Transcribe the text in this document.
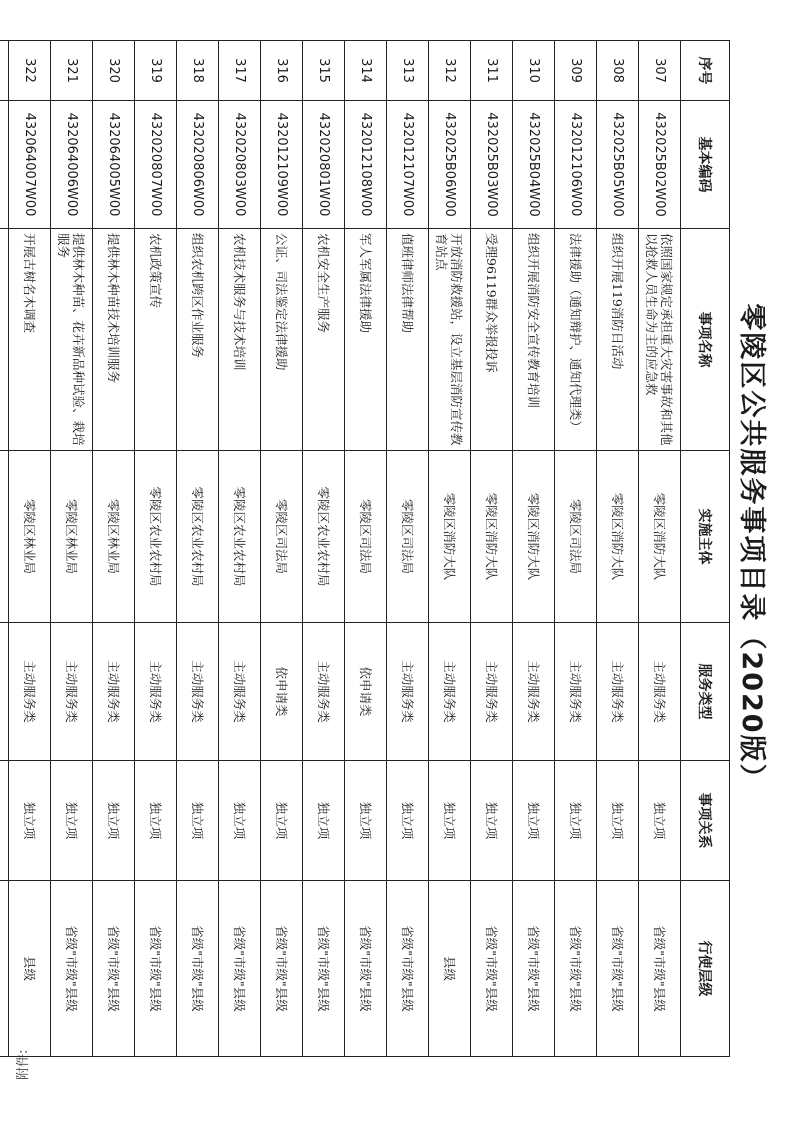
附件:
零陵区公共服务事项目录（2020版）
序号	基本编码	事项名称	实施主体	服务类型	事项关系	行使层级
307	432025B02W00	依照国家规定承担重大灾害事故和其他以抢救人员生命为主的应急救	零陵区消防大队	主动服务类	独立项	省级"市级"县级
308	432025B05W00	组织开展119消防日活动	零陵区消防大队	主动服务类	独立项	省级"市级"县级
309	432012106W00	法律援助（通知辩护、通知代理类）	零陵区司法局	主动服务类	独立项	省级"市级"县级
310	432025B04W00	组织开展消防安全宣传教育培训	零陵区消防大队	主动服务类	独立项	省级"市级"县级
311	432025B03W00	受理96119群众举报投诉	零陵区消防大队	主动服务类	独立项	省级"市级"县级
312	432025B06W00	开放消防救援站，设立基层消防宣传教育站点	零陵区消防大队	主动服务类	独立项	县级
313	432012107W00	值班律师法律帮助	零陵区司法局	主动服务类	独立项	省级"市级"县级
314	432012108W00	军人军属法律援助	零陵区司法局	依申请类	独立项	省级"市级"县级
315	432020801W00	农机安全生产服务	零陵区农业农村局	主动服务类	独立项	省级"市级"县级
316	432012109W00	公证、司法鉴定法律援助	零陵区司法局	依申请类	独立项	省级"市级"县级
317	432020803W00	农机技术服务与技术培训	零陵区农业农村局	主动服务类	独立项	省级"市级"县级
318	432020806W00	组织农机跨区作业服务	零陵区农业农村局	主动服务类	独立项	省级"市级"县级
319	432020807W00	农机政策宣传	零陵区农业农村局	主动服务类	独立项	省级"市级"县级
320	432064005W00	提供林木种苗技术培训服务	零陵区林业局	主动服务类	独立项	省级"市级"县级
321	432064006W00	提供林木种苗、花卉新品种试验、栽培服务	零陵区林业局	主动服务类	独立项	省级"市级"县级
322	432064007W00	开展古树名木调查	零陵区林业局	主动服务类	独立项	县级
